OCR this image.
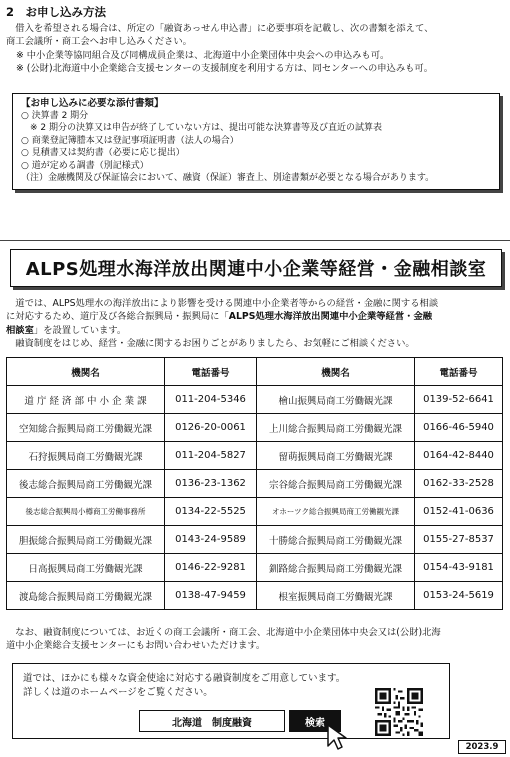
2　お申し込み方法
　借入を希望される場合は、所定の「融資あっせん申込書」に必要事項を記載し、次の書類を添えて、
商工会議所・商工会へお申し込みください。
※ 中小企業等協同組合及び同構成員企業は、北海道中小企業団体中央会への申込みも可。
※ (公財)北海道中小企業総合支援センターの支援制度を利用する方は、同センターへの申込みも可。
【お申し込みに必要な添付書類】
○ 決算書 2 期分
　※ 2 期分の決算又は申告が終了していない方は、提出可能な決算書等及び直近の試算表
○ 商業登記簿謄本又は登記事項証明書（法人の場合）
○ 見積書又は契約書（必要に応じ提出）
○ 道が定める調書（別記様式）
（注）金融機関及び保証協会において、融資（保証）審査上、別途書類が必要となる場合があります。
ALPS処理水海洋放出関連中小企業等経営・金融相談室
　道では、ALPS処理水の海洋放出により影響を受ける関連中小企業者等からの経営・金融に関する相談
に対応するため、道庁及び各総合振興局・振興局に「ALPS処理水海洋放出関連中小企業等経営・金融
相談室」を設置しています。
　融資制度をはじめ、経営・金融に関するお困りごとがありましたら、お気軽にご相談ください。
機関名	電話番号	機関名	電話番号
道 庁 経 済 部 中 小 企 業 課	011-204-5346	檜山振興局商工労働観光課	0139-52-6641
空知総合振興局商工労働観光課	0126-20-0061	上川総合振興局商工労働観光課	0166-46-5940
石狩振興局商工労働観光課	011-204-5827	留萌振興局商工労働観光課	0164-42-8440
後志総合振興局商工労働観光課	0136-23-1362	宗谷総合振興局商工労働観光課	0162-33-2528
後志総合振興局小樽商工労働事務所	0134-22-5525	オホーツク総合振興局商工労働観光課	0152-41-0636
胆振総合振興局商工労働観光課	0143-24-9589	十勝総合振興局商工労働観光課	0155-27-8537
日高振興局商工労働観光課	0146-22-9281	釧路総合振興局商工労働観光課	0154-43-9181
渡島総合振興局商工労働観光課	0138-47-9459	根室振興局商工労働観光課	0153-24-5619
　なお、融資制度については、お近くの商工会議所・商工会、北海道中小企業団体中央会又は(公財)北海
道中小企業総合支援センターにもお問い合わせいただけます。
道では、ほかにも様々な資金使途に対応する融資制度をご用意しています。
詳しくは道のホームページをご覧ください。
北海道　制度融資	検索
2023.9
